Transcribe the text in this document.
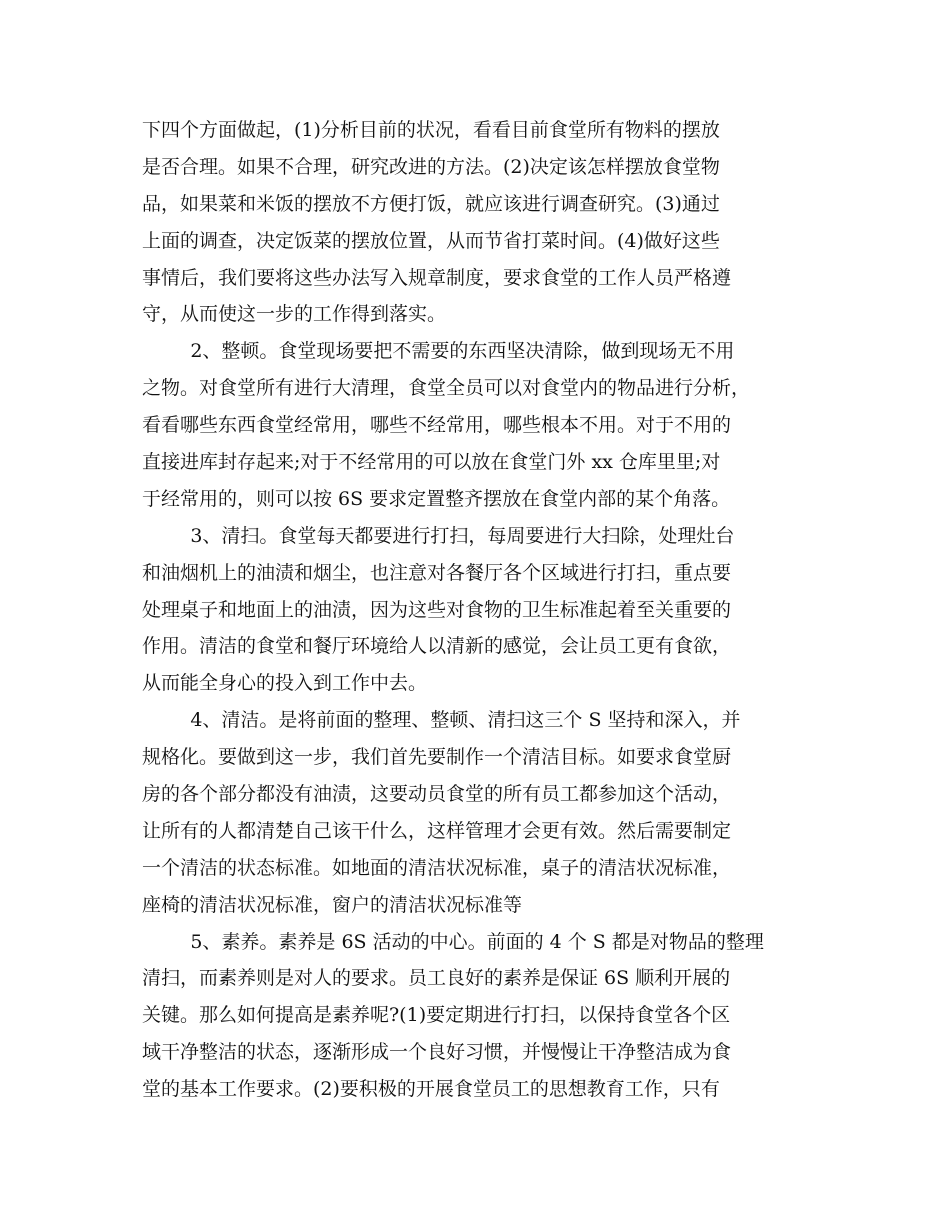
下四个方面做起，(1)分析目前的状况，看看目前食堂所有物料的摆放
是否合理。如果不合理，研究改进的方法。(2)决定该怎样摆放食堂物
品，如果菜和米饭的摆放不方便打饭，就应该进行调查研究。(3)通过
上面的调查，决定饭菜的摆放位置，从而节省打菜时间。(4)做好这些
事情后，我们要将这些办法写入规章制度，要求食堂的工作人员严格遵
守，从而使这一步的工作得到落实。
2、整顿。食堂现场要把不需要的东西坚决清除，做到现场无不用
之物。对食堂所有进行大清理，食堂全员可以对食堂内的物品进行分析，
看看哪些东西食堂经常用，哪些不经常用，哪些根本不用。对于不用的
直接进库封存起来;对于不经常用的可以放在食堂门外 xx 仓库里里;对
于经常用的，则可以按 6S 要求定置整齐摆放在食堂内部的某个角落。
3、清扫。食堂每天都要进行打扫，每周要进行大扫除，处理灶台
和油烟机上的油渍和烟尘，也注意对各餐厅各个区域进行打扫，重点要
处理桌子和地面上的油渍，因为这些对食物的卫生标准起着至关重要的
作用。清洁的食堂和餐厅环境给人以清新的感觉，会让员工更有食欲，
从而能全身心的投入到工作中去。
4、清洁。是将前面的整理、整顿、清扫这三个 S 坚持和深入，并
规格化。要做到这一步，我们首先要制作一个清洁目标。如要求食堂厨
房的各个部分都没有油渍，这要动员食堂的所有员工都参加这个活动，
让所有的人都清楚自己该干什么，这样管理才会更有效。然后需要制定
一个清洁的状态标准。如地面的清洁状况标准，桌子的清洁状况标准，
座椅的清洁状况标准，窗户的清洁状况标准等
5、素养。素养是 6S 活动的中心。前面的 4 个 S 都是对物品的整理
清扫，而素养则是对人的要求。员工良好的素养是保证 6S 顺利开展的
关键。那么如何提高是素养呢?(1)要定期进行打扫，以保持食堂各个区
域干净整洁的状态，逐渐形成一个良好习惯，并慢慢让干净整洁成为食
堂的基本工作要求。(2)要积极的开展食堂员工的思想教育工作，只有
